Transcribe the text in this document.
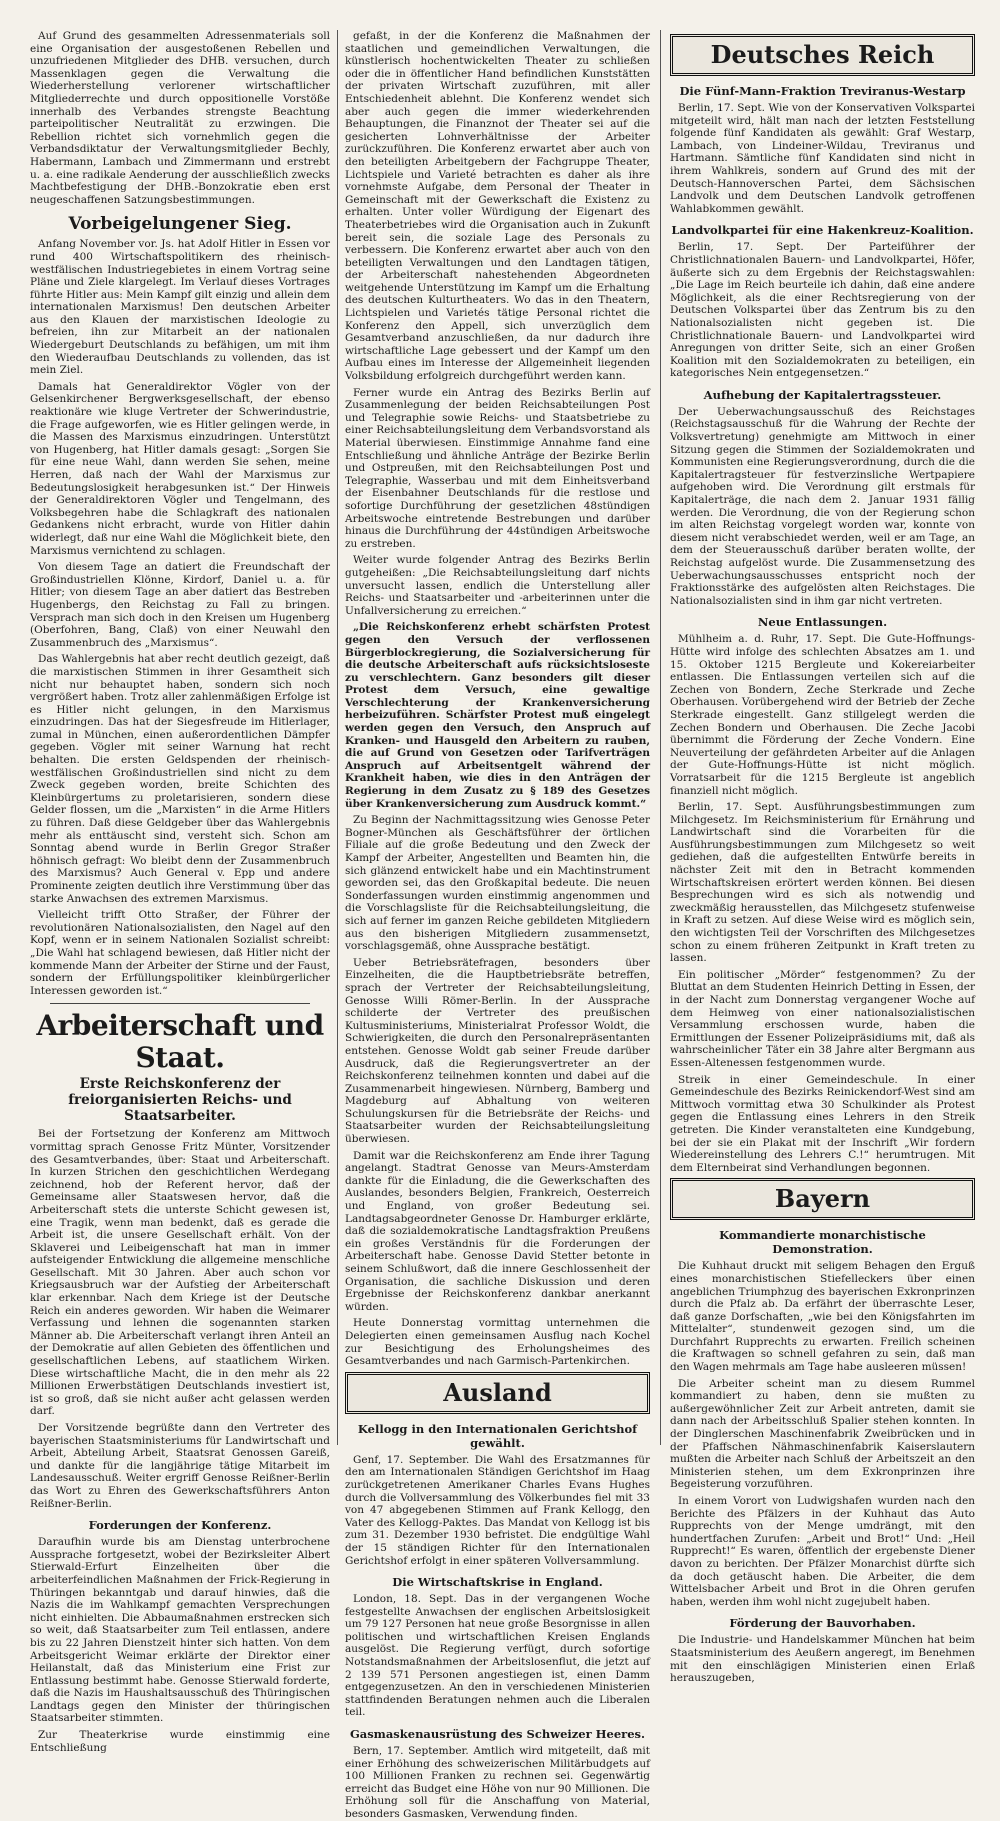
Auf Grund des gesammelten Adressenmaterials soll eine Organisation der ausgestoßenen Rebellen und unzufriedenen Mitglieder des DHB. versuchen, durch Massenklagen gegen die Verwaltung die Wiederherstellung verlorener wirtschaftlicher Mitgliederrechte und durch oppositionelle Vorstöße innerhalb des Verbandes strengste Beachtung parteipolitischer Neutralität zu erzwingen. Die Rebellion richtet sich vornehmlich gegen die Verbandsdiktatur der Verwaltungsmitglieder Bechly, Habermann, Lambach und Zimmermann und erstrebt u. a. eine radikale Aenderung der ausschließlich zwecks Machtbefestigung der DHB.-Bonzokratie eben erst neugeschaffenen Satzungsbestimmungen.

Vorbeigelungener Sieg.

Anfang November vor. Js. hat Adolf Hitler in Essen vor rund 400 Wirtschaftspolitikern des rheinisch-westfälischen Industriegebietes in einem Vortrag seine Pläne und Ziele klargelegt. Im Verlauf dieses Vortrages führte Hitler aus: Mein Kampf gilt einzig und allein dem internationalen Marxismus! Den deutschen Arbeiter aus den Klauen der marxistischen Ideologie zu befreien, ihn zur Mitarbeit an der nationalen Wiedergeburt Deutschlands zu befähigen, um mit ihm den Wiederaufbau Deutschlands zu vollenden, das ist mein Ziel.

Damals hat Generaldirektor Vögler von der Gelsenkirchener Bergwerksgesellschaft, der ebenso reaktionäre wie kluge Vertreter der Schwerindustrie, die Frage aufgeworfen, wie es Hitler gelingen werde, in die Massen des Marxismus einzudringen. Unterstützt von Hugenberg, hat Hitler damals gesagt: „Sorgen Sie für eine neue Wahl, dann werden Sie sehen, meine Herren, daß nach der Wahl der Marxismus zur Bedeutungslosigkeit herabgesunken ist.“ Der Hinweis der Generaldirektoren Vögler und Tengelmann, des Volksbegehren habe die Schlagkraft des nationalen Gedankens nicht erbracht, wurde von Hitler dahin widerlegt, daß nur eine Wahl die Möglichkeit biete, den Marxismus vernichtend zu schlagen.

Von diesem Tage an datiert die Freundschaft der Großindustriellen Klönne, Kirdorf, Daniel u. a. für Hitler; von diesem Tage an aber datiert das Bestreben Hugenbergs, den Reichstag zu Fall zu bringen. Versprach man sich doch in den Kreisen um Hugenberg (Oberfohren, Bang, Claß) von einer Neuwahl den Zusammenbruch des „Marxismus“.

Das Wahlergebnis hat aber recht deutlich gezeigt, daß die marxistischen Stimmen in ihrer Gesamtheit sich nicht nur behauptet haben, sondern sich noch vergrößert haben. Trotz aller zahlenmäßigen Erfolge ist es Hitler nicht gelungen, in den Marxismus einzudringen. Das hat der Siegesfreude im Hitlerlager, zumal in München, einen außerordentlichen Dämpfer gegeben. Vögler mit seiner Warnung hat recht behalten. Die ersten Geldspenden der rheinisch-westfälischen Großindustriellen sind nicht zu dem Zweck gegeben worden, breite Schichten des Kleinbürgertums zu proletarisieren, sondern diese Gelder flossen, um die „Marxisten“ in die Arme Hitlers zu führen. Daß diese Geldgeber über das Wahlergebnis mehr als enttäuscht sind, versteht sich. Schon am Sonntag abend wurde in Berlin Gregor Straßer höhnisch gefragt: Wo bleibt denn der Zusammenbruch des Marxismus? Auch General v. Epp und andere Prominente zeigten deutlich ihre Verstimmung über das starke Anwachsen des extremen Marxismus.

Vielleicht trifft Otto Straßer, der Führer der revolutionären Nationalsozialisten, den Nagel auf den Kopf, wenn er in seinem Nationalen Sozialist schreibt: „Die Wahl hat schlagend bewiesen, daß Hitler nicht der kommende Mann der Arbeiter der Stirne und der Faust, sondern der Erfüllungspolitiker kleinbürgerlicher Interessen geworden ist.“

Arbeiterschaft und Staat.
Erste Reichskonferenz der freiorganisierten Reichs- und Staatsarbeiter.

Bei der Fortsetzung der Konferenz am Mittwoch vormittag sprach Genosse Fritz Münter, Vorsitzender des Gesamtverbandes, über: Staat und Arbeiterschaft. In kurzen Strichen den geschichtlichen Werdegang zeichnend, hob der Referent hervor, daß der Gemeinsame aller Staatswesen hervor, daß die Arbeiterschaft stets die unterste Schicht gewesen ist, eine Tragik, wenn man bedenkt, daß es gerade die Arbeit ist, die unsere Gesellschaft erhält. Von der Sklaverei und Leibeigenschaft hat man in immer aufsteigender Entwicklung die allgemeine menschliche Gesellschaft. Mit 30 Jahren. Aber auch schon vor Kriegsausbruch war der Aufstieg der Arbeiterschaft klar erkennbar. Nach dem Kriege ist der Deutsche Reich ein anderes geworden. Wir haben die Weimarer Verfassung und lehnen die sogenannten starken Männer ab. Die Arbeiterschaft verlangt ihren Anteil an der Demokratie auf allen Gebieten des öffentlichen und gesellschaftlichen Lebens, auf staatlichem Wirken. Diese wirtschaftliche Macht, die in den mehr als 22 Millionen Erwerbstätigen Deutschlands investiert ist, ist so groß, daß sie nicht außer acht gelassen werden darf.

Der Vorsitzende begrüßte dann den Vertreter des bayerischen Staatsministeriums für Landwirtschaft und Arbeit, Abteilung Arbeit, Staatsrat Genossen Gareiß, und dankte für die langjährige tätige Mitarbeit im Landesausschuß. Weiter ergriff Genosse Reißner-Berlin das Wort zu Ehren des Gewerkschaftsführers Anton Reißner-Berlin.

Forderungen der Konferenz.

Daraufhin wurde bis am Dienstag unterbrochene Aussprache fortgesetzt, wobei der Bezirksleiter Albert Stierwald-Erfurt Einzelheiten über die arbeiterfeindlichen Maßnahmen der Frick-Regierung in Thüringen bekanntgab und darauf hinwies, daß die Nazis die im Wahlkampf gemachten Versprechungen nicht einhielten. Die Abbaumaßnahmen erstrecken sich so weit, daß Staatsarbeiter zum Teil entlassen, andere bis zu 22 Jahren Dienstzeit hinter sich hatten. Von dem Arbeitsgericht Weimar erklärte der Direktor einer Heilanstalt, daß das Ministerium eine Frist zur Entlassung bestimmt habe. Genosse Stierwald forderte, daß die Nazis im Haushaltsausschuß des Thüringischen Landtags gegen den Minister der thüringischen Staatsarbeiter stimmten.

Zur Theaterkrise wurde einstimmig eine Entschließung

gefaßt, in der die Konferenz die Maßnahmen der staatlichen und gemeindlichen Verwaltungen, die künstlerisch hochentwickelten Theater zu schließen oder die in öffentlicher Hand befindlichen Kunststätten der privaten Wirtschaft zuzuführen, mit aller Entschiedenheit ablehnt. Die Konferenz wendet sich aber auch gegen die immer wiederkehrenden Behauptungen, die Finanznot der Theater sei auf die gesicherten Lohnverhältnisse der Arbeiter zurückzuführen. Die Konferenz erwartet aber auch von den beteiligten Arbeitgebern der Fachgruppe Theater, Lichtspiele und Varieté betrachten es daher als ihre vornehmste Aufgabe, dem Personal der Theater in Gemeinschaft mit der Gewerkschaft die Existenz zu erhalten. Unter voller Würdigung der Eigenart des Theaterbetriebes wird die Organisation auch in Zukunft bereit sein, die soziale Lage des Personals zu verbessern. Die Konferenz erwartet aber auch von den beteiligten Verwaltungen und den Landtagen tätigen, der Arbeiterschaft nahestehenden Abgeordneten weitgehende Unterstützung im Kampf um die Erhaltung des deutschen Kulturtheaters. Wo das in den Theatern, Lichtspielen und Varietés tätige Personal richtet die Konferenz den Appell, sich unverzüglich dem Gesamtverband anzuschließen, da nur dadurch ihre wirtschaftliche Lage gebessert und der Kampf um den Aufbau eines im Interesse der Allgemeinheit liegenden Volksbildung erfolgreich durchgeführt werden kann.

Ferner wurde ein Antrag des Bezirks Berlin auf Zusammenlegung der beiden Reichsabteilungen Post und Telegraphie sowie Reichs- und Staatsbetriebe zu einer Reichsabteilungsleitung dem Verbandsvorstand als Material überwiesen. Einstimmige Annahme fand eine Entschließung und ähnliche Anträge der Bezirke Berlin und Ostpreußen, mit den Reichsabteilungen Post und Telegraphie, Wasserbau und mit dem Einheitsverband der Eisenbahner Deutschlands für die restlose und sofortige Durchführung der gesetzlichen 48stündigen Arbeitswoche eintretende Bestrebungen und darüber hinaus die Durchführung der 44stündigen Arbeitswoche zu erstreben.

Weiter wurde folgender Antrag des Bezirks Berlin gutgeheißen: „Die Reichsabteilungsleitung darf nichts unversucht lassen, endlich die Unterstellung aller Reichs- und Staatsarbeiter und -arbeiterinnen unter die Unfallversicherung zu erreichen.“

„Die Reichskonferenz erhebt schärfsten Protest gegen den Versuch der verflossenen Bürgerblockregierung, die Sozialversicherung für die deutsche Arbeiterschaft aufs rücksichtsloseste zu verschlechtern. Ganz besonders gilt dieser Protest dem Versuch, eine gewaltige Verschlechterung der Krankenversicherung herbeizuführen. Schärfster Protest muß eingelegt werden gegen den Versuch, den Anspruch auf Kranken- und Hausgeld den Arbeitern zu rauben, die auf Grund von Gesetzen oder Tarifverträgen Anspruch auf Arbeitsentgelt während der Krankheit haben, wie dies in den Anträgen der Regierung in dem Zusatz zu § 189 des Gesetzes über Krankenversicherung zum Ausdruck kommt.“

Zu Beginn der Nachmittagssitzung wies Genosse Peter Bogner-München als Geschäftsführer der örtlichen Filiale auf die große Bedeutung und den Zweck der Kampf der Arbeiter, Angestellten und Beamten hin, die sich glänzend entwickelt habe und ein Machtinstrument geworden sei, das den Großkapital bedeute. Die neuen Sonderfassungen wurden einstimmig angenommen und die Vorschlagsliste für die Reichsabteilungsleitung, die sich auf ferner im ganzen Reiche gebildeten Mitgliedern aus den bisherigen Mitgliedern zusammensetzt, vorschlagsgemäß, ohne Aussprache bestätigt.

Ueber Betriebsrätefragen, besonders über Einzelheiten, die die Hauptbetriebsräte betreffen, sprach der Vertreter der Reichsabteilungsleitung, Genosse Willi Römer-Berlin. In der Aussprache schilderte der Vertreter des preußischen Kultusministeriums, Ministerialrat Professor Woldt, die Schwierigkeiten, die durch den Personalrepräsentanten entstehen. Genosse Woldt gab seiner Freude darüber Ausdruck, daß die Regierungsvertreter an der Reichskonferenz teilnehmen konnten und dabei auf die Zusammenarbeit hingewiesen. Nürnberg, Bamberg und Magdeburg auf Abhaltung von weiteren Schulungskursen für die Betriebsräte der Reichs- und Staatsarbeiter wurden der Reichsabteilungsleitung überwiesen.

Damit war die Reichskonferenz am Ende ihrer Tagung angelangt. Stadtrat Genosse van Meurs-Amsterdam dankte für die Einladung, die die Gewerkschaften des Auslandes, besonders Belgien, Frankreich, Oesterreich und England, von großer Bedeutung sei. Landtagsabgeordneter Genosse Dr. Hamburger erklärte, daß die sozialdemokratische Landtagsfraktion Preußens ein großes Verständnis für die Forderungen der Arbeiterschaft habe. Genosse David Stetter betonte in seinem Schlußwort, daß die innere Geschlossenheit der Organisation, die sachliche Diskussion und deren Ergebnisse der Reichskonferenz dankbar anerkannt würden.

Heute Donnerstag vormittag unternehmen die Delegierten einen gemeinsamen Ausflug nach Kochel zur Besichtigung des Erholungsheimes des Gesamtverbandes und nach Garmisch-Partenkirchen.

Ausland
Kellogg in den Internationalen Gerichtshof gewählt.

Genf, 17. September. Die Wahl des Ersatzmannes für den am Internationalen Ständigen Gerichtshof im Haag zurückgetretenen Amerikaner Charles Evans Hughes durch die Vollversammlung des Völkerbundes fiel mit 33 von 47 abgegebenen Stimmen auf Frank Kellogg, den Vater des Kellogg-Paktes. Das Mandat von Kellogg ist bis zum 31. Dezember 1930 befristet. Die endgültige Wahl der 15 ständigen Richter für den Internationalen Gerichtshof erfolgt in einer späteren Vollversammlung.

Die Wirtschaftskrise in England.

London, 18. Sept. Das in der vergangenen Woche festgestellte Anwachsen der englischen Arbeitslosigkeit um 79 127 Personen hat neue große Besorgnisse in allen politischen und wirtschaftlichen Kreisen Englands ausgelöst. Die Regierung verfügt, durch sofortige Notstandsmaßnahmen der Arbeitslosenflut, die jetzt auf 2 139 571 Personen angestiegen ist, einen Damm entgegenzusetzen. An den in verschiedenen Ministerien stattfindenden Beratungen nehmen auch die Liberalen teil.

Gasmaskenausrüstung des Schweizer Heeres.

Bern, 17. September. Amtlich wird mitgeteilt, daß mit einer Erhöhung des schweizerischen Militärbudgets auf 100 Millionen Franken zu rechnen sei. Gegenwärtig erreicht das Budget eine Höhe von nur 90 Millionen. Die Erhöhung soll für die Anschaffung von Material, besonders Gasmasken, Verwendung finden.

Deutsches Reich
Die Fünf-Mann-Fraktion Treviranus-Westarp

Berlin, 17. Sept. Wie von der Konservativen Volkspartei mitgeteilt wird, hält man nach der letzten Feststellung folgende fünf Kandidaten als gewählt: Graf Westarp, Lambach, von Lindeiner-Wildau, Treviranus und Hartmann. Sämtliche fünf Kandidaten sind nicht in ihrem Wahlkreis, sondern auf Grund des mit der Deutsch-Hannoverschen Partei, dem Sächsischen Landvolk und dem Deutschen Landvolk getroffenen Wahlabkommen gewählt.

Landvolkpartei für eine Hakenkreuz-Koalition.

Berlin, 17. Sept. Der Parteiführer der Christlichnationalen Bauern- und Landvolkpartei, Höfer, äußerte sich zu dem Ergebnis der Reichstagswahlen: „Die Lage im Reich beurteile ich dahin, daß eine andere Möglichkeit, als die einer Rechtsregierung von der Deutschen Volkspartei über das Zentrum bis zu den Nationalsozialisten nicht gegeben ist. Die Christlichnationale Bauern- und Landvolkpartei wird Anregungen von dritter Seite, sich an einer Großen Koalition mit den Sozialdemokraten zu beteiligen, ein kategorisches Nein entgegensetzen.“

Aufhebung der Kapitalertragssteuer.

Der Ueberwachungsausschuß des Reichstages (Reichstagsausschuß für die Wahrung der Rechte der Volksvertretung) genehmigte am Mittwoch in einer Sitzung gegen die Stimmen der Sozialdemokraten und Kommunisten eine Regierungsverordnung, durch die die Kapitalertragsteuer für festverzinsliche Wertpapiere aufgehoben wird. Die Verordnung gilt erstmals für Kapitalerträge, die nach dem 2. Januar 1931 fällig werden. Die Verordnung, die von der Regierung schon im alten Reichstag vorgelegt worden war, konnte von diesem nicht verabschiedet werden, weil er am Tage, an dem der Steuerausschuß darüber beraten wollte, der Reichstag aufgelöst wurde. Die Zusammensetzung des Ueberwachungsausschusses entspricht noch der Fraktionsstärke des aufgelösten alten Reichstages. Die Nationalsozialisten sind in ihm gar nicht vertreten.

Neue Entlassungen.

Mühlheim a. d. Ruhr, 17. Sept. Die Gute-Hoffnungs-Hütte wird infolge des schlechten Absatzes am 1. und 15. Oktober 1215 Bergleute und Kokereiarbeiter entlassen. Die Entlassungen verteilen sich auf die Zechen von Bondern, Zeche Sterkrade und Zeche Oberhausen. Vorübergehend wird der Betrieb der Zeche Sterkrade eingestellt. Ganz stillgelegt werden die Zechen Bondern und Oberhausen. Die Zeche Jacobi übernimmt die Förderung der Zeche Vondern. Eine Neuverteilung der gefährdeten Arbeiter auf die Anlagen der Gute-Hoffnungs-Hütte ist nicht möglich. Vorratsarbeit für die 1215 Bergleute ist angeblich finanziell nicht möglich.

Berlin, 17. Sept. Ausführungsbestimmungen zum Milchgesetz. Im Reichsministerium für Ernährung und Landwirtschaft sind die Vorarbeiten für die Ausführungsbestimmungen zum Milchgesetz so weit gediehen, daß die aufgestellten Entwürfe bereits in nächster Zeit mit den in Betracht kommenden Wirtschaftskreisen erörtert werden können. Bei diesen Besprechungen wird es sich als notwendig und zweckmäßig herausstellen, das Milchgesetz stufenweise in Kraft zu setzen. Auf diese Weise wird es möglich sein, den wichtigsten Teil der Vorschriften des Milchgesetzes schon zu einem früheren Zeitpunkt in Kraft treten zu lassen.

Ein politischer „Mörder“ festgenommen? Zu der Bluttat an dem Studenten Heinrich Detting in Essen, der in der Nacht zum Donnerstag vergangener Woche auf dem Heimweg von einer nationalsozialistischen Versammlung erschossen wurde, haben die Ermittlungen der Essener Polizeipräsidiums mit, daß als wahrscheinlicher Täter ein 38 Jahre alter Bergmann aus Essen-Altenessen festgenommen wurde.

Streik in einer Gemeindeschule. In einer Gemeindeschule des Bezirks Reinickendorf-West sind am Mittwoch vormittag etwa 30 Schulkinder als Protest gegen die Entlassung eines Lehrers in den Streik getreten. Die Kinder veranstalteten eine Kundgebung, bei der sie ein Plakat mit der Inschrift „Wir fordern Wiedereinstellung des Lehrers C.!“ herumtrugen. Mit dem Elternbeirat sind Verhandlungen begonnen.

Bayern
Kommandierte monarchistische Demonstration.

Die Kuhhaut druckt mit seligem Behagen den Erguß eines monarchistischen Stiefelleckers über einen angeblichen Triumphzug des bayerischen Exkronprinzen durch die Pfalz ab. Da erfährt der überraschte Leser, daß ganze Dorfschaften, „wie bei den Königsfahrten im Mittelalter“, stundenweit gezogen sind, um die Durchfahrt Rupprechts zu erwarten. Freilich scheinen die Kraftwagen so schnell gefahren zu sein, daß man den Wagen mehrmals am Tage habe ausleeren müssen!

Die Arbeiter scheint man zu diesem Rummel kommandiert zu haben, denn sie mußten zu außergewöhnlicher Zeit zur Arbeit antreten, damit sie dann nach der Arbeitsschluß Spalier stehen konnten. In der Dinglerschen Maschinenfabrik Zweibrücken und in der Pfaffschen Nähmaschinenfabrik Kaiserslautern mußten die Arbeiter nach Schluß der Arbeitszeit an den Ministerien stehen, um dem Exkronprinzen ihre Begeisterung vorzuführen.

In einem Vorort von Ludwigshafen wurden nach den Berichte des Pfälzers in der Kuhhaut das Auto Rupprechts von der Menge umdrängt, mit den hundertfachen Zurufen: „Arbeit und Brot!“ Und: „Heil Rupprecht!“ Es waren, öffentlich der ergebenste Diener davon zu berichten. Der Pfälzer Monarchist dürfte sich da doch getäuscht haben. Die Arbeiter, die dem Wittelsbacher Arbeit und Brot in die Ohren gerufen haben, werden ihm wohl nicht zugejubelt haben.

Förderung der Bauvorhaben.

Die Industrie- und Handelskammer München hat beim Staatsministerium des Aeußern angeregt, im Benehmen mit den einschlägigen Ministerien einen Erlaß herauszugeben,
